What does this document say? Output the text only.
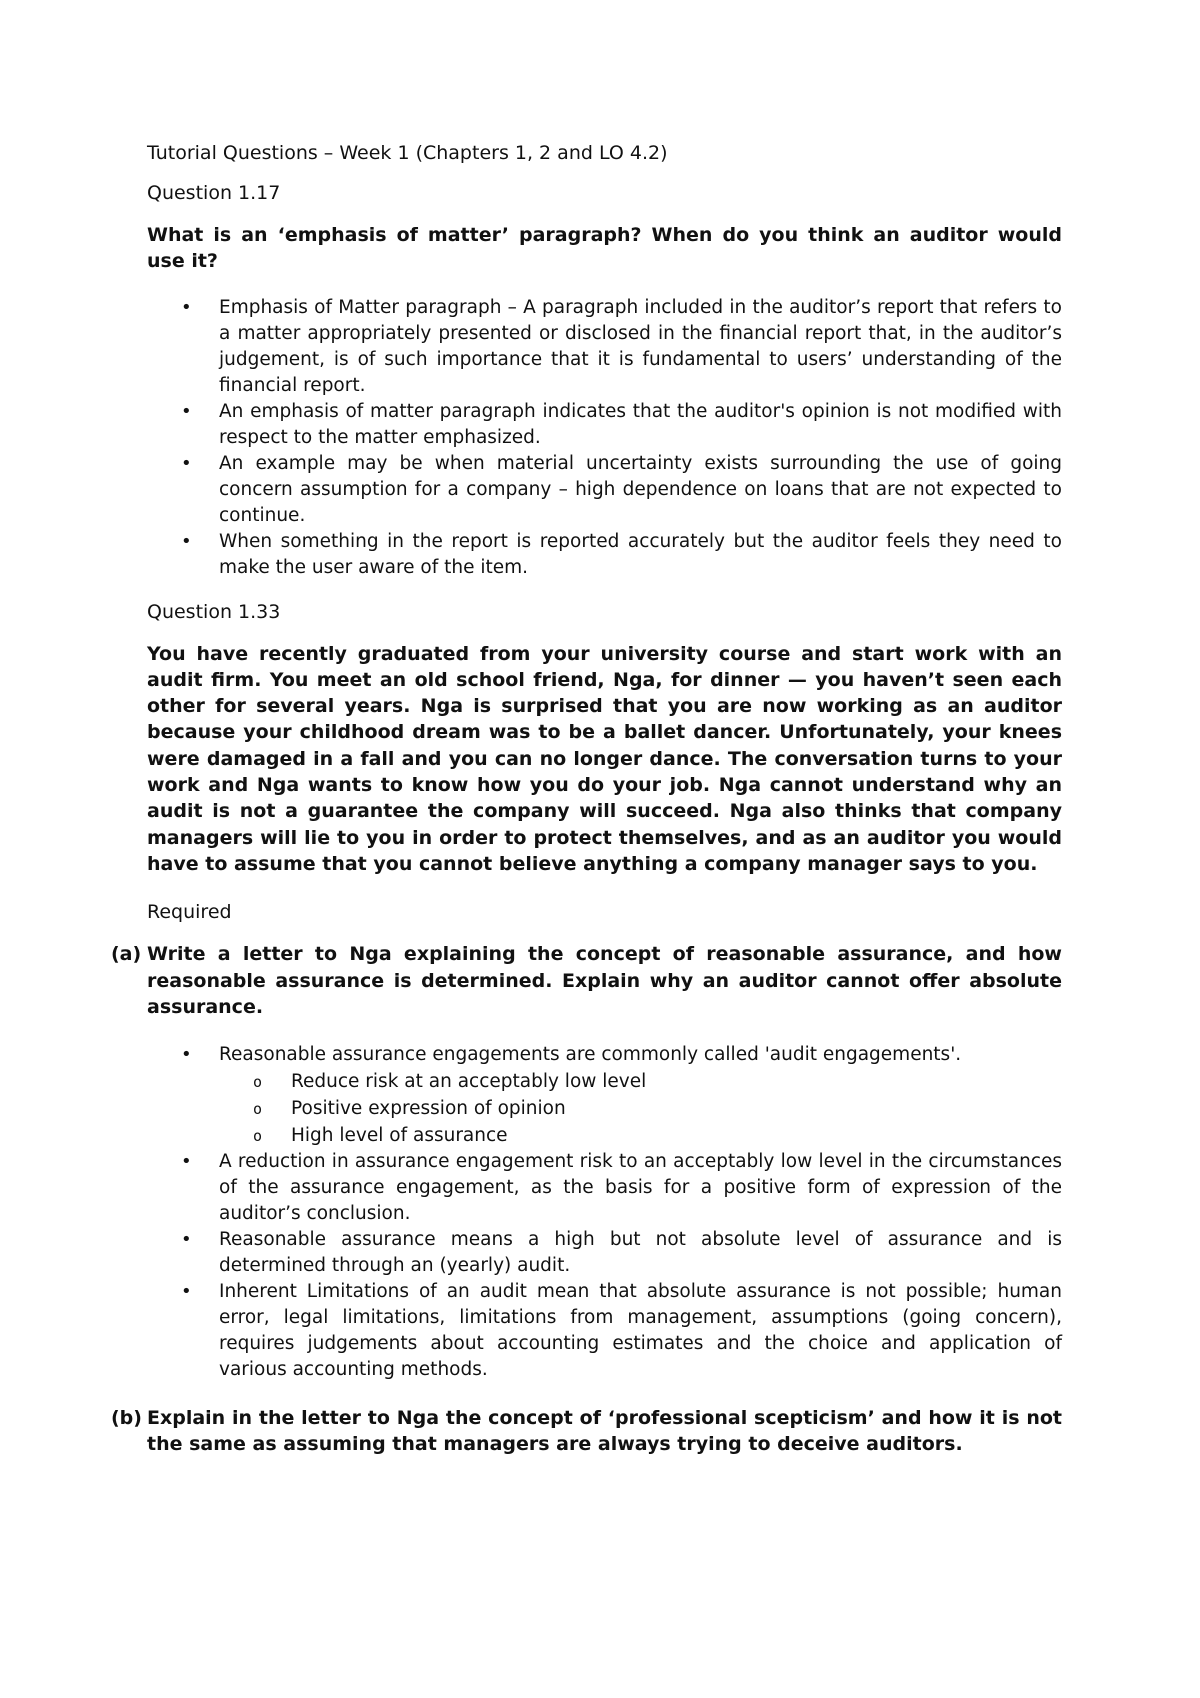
Tutorial Questions – Week 1 (Chapters 1, 2 and LO 4.2)
Question 1.17
What is an ‘emphasis of matter’ paragraph? When do you think an auditor would use it?
• Emphasis of Matter paragraph – A paragraph included in the auditor’s report that refers to a matter appropriately presented or disclosed in the financial report that, in the auditor’s judgement, is of such importance that it is fundamental to users’ understanding of the financial report.
• An emphasis of matter paragraph indicates that the auditor's opinion is not modified with respect to the matter emphasized.
• An example may be when material uncertainty exists surrounding the use of going concern assumption for a company – high dependence on loans that are not expected to continue.
• When something in the report is reported accurately but the auditor feels they need to make the user aware of the item.
Question 1.33
You have recently graduated from your university course and start work with an audit firm. You meet an old school friend, Nga, for dinner — you haven’t seen each other for several years. Nga is surprised that you are now working as an auditor because your childhood dream was to be a ballet dancer. Unfortunately, your knees were damaged in a fall and you can no longer dance. The conversation turns to your work and Nga wants to know how you do your job. Nga cannot understand why an audit is not a guarantee the company will succeed. Nga also thinks that company managers will lie to you in order to protect themselves, and as an auditor you would have to assume that you cannot believe anything a company manager says to you.
Required
(a) Write a letter to Nga explaining the concept of reasonable assurance, and how reasonable assurance is determined. Explain why an auditor cannot offer absolute assurance.
• Reasonable assurance engagements are commonly called 'audit engagements'.
o Reduce risk at an acceptably low level
o Positive expression of opinion
o High level of assurance
• A reduction in assurance engagement risk to an acceptably low level in the circumstances of the assurance engagement, as the basis for a positive form of expression of the auditor’s conclusion.
• Reasonable assurance means a high but not absolute level of assurance and is determined through an (yearly) audit.
• Inherent Limitations of an audit mean that absolute assurance is not possible; human error, legal limitations, limitations from management, assumptions (going concern), requires judgements about accounting estimates and the choice and application of various accounting methods.
(b) Explain in the letter to Nga the concept of ‘professional scepticism’ and how it is not the same as assuming that managers are always trying to deceive auditors.
